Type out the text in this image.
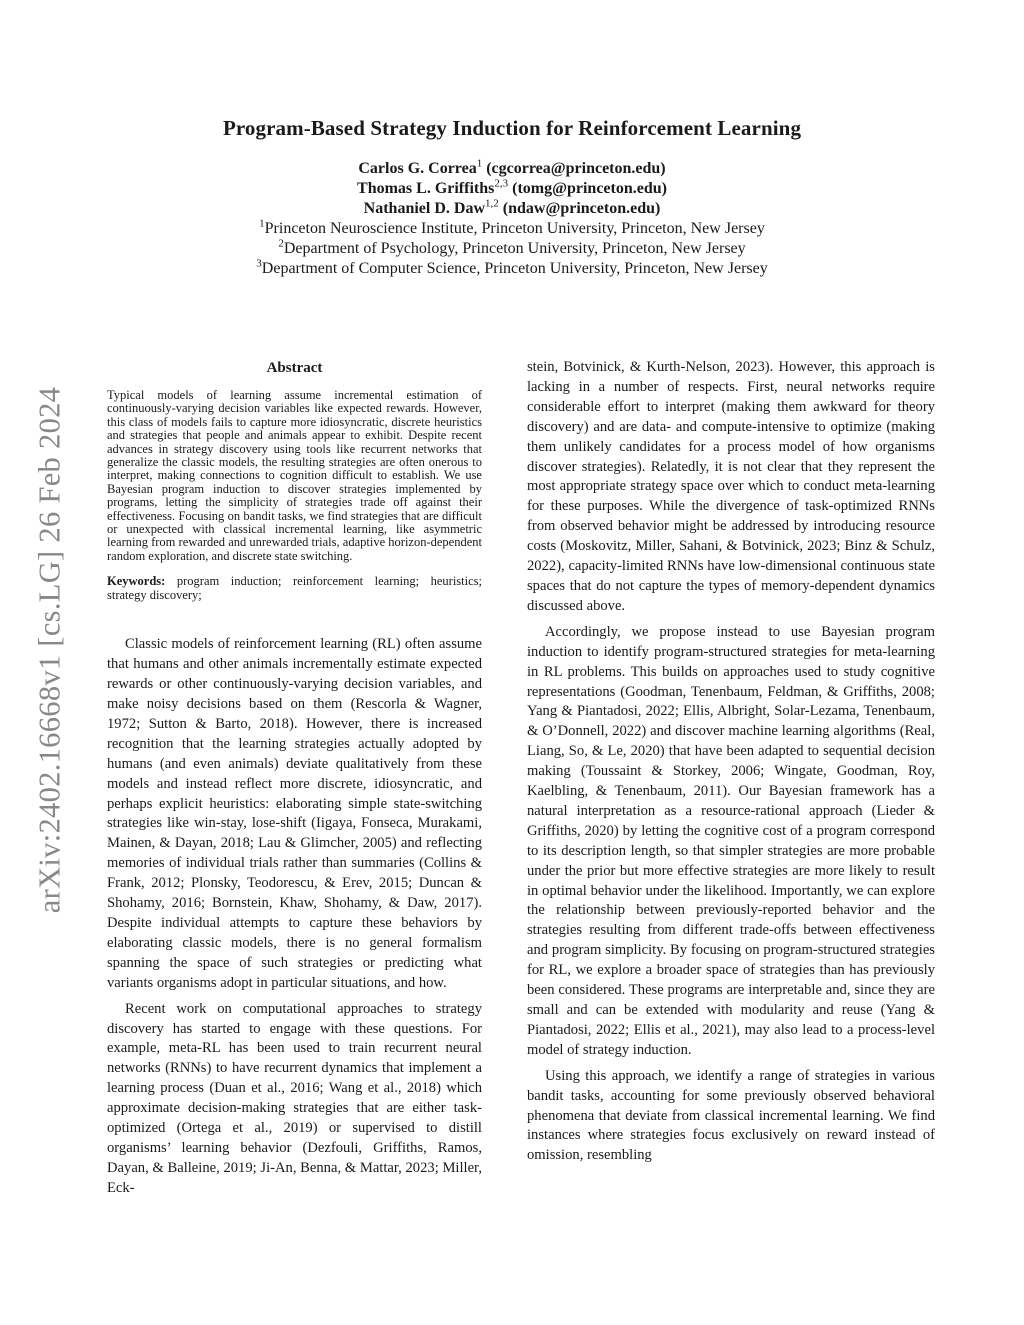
Program-Based Strategy Induction for Reinforcement Learning
Carlos G. Correa$^1$ (cgcorrea@princeton.edu)
Thomas L. Griffiths$^{2,3}$ (tomg@princeton.edu)
Nathaniel D. Daw$^{1,2}$ (ndaw@princeton.edu)
$^1$Princeton Neuroscience Institute, Princeton University, Princeton, New Jersey
$^2$Department of Psychology, Princeton University, Princeton, New Jersey
$^3$Department of Computer Science, Princeton University, Princeton, New Jersey
arXiv:2402.16668v1 [cs.LG] 26 Feb 2024
Abstract

Typical models of learning assume incremental estimation of continuously-varying decision variables like expected rewards. However, this class of models fails to capture more idiosyncratic, discrete heuristics and strategies that people and animals appear to exhibit. Despite recent advances in strategy discovery using tools like recurrent networks that generalize the classic models, the resulting strategies are often onerous to interpret, making connections to cognition difficult to establish. We use Bayesian program induction to discover strategies implemented by programs, letting the simplicity of strategies trade off against their effectiveness. Focusing on bandit tasks, we find strategies that are difficult or unexpected with classical incremental learning, like asymmetric learning from rewarded and unrewarded trials, adaptive horizon-dependent random exploration, and discrete state switching.

Keywords: program induction; reinforcement learning; heuristics; strategy discovery;

Classic models of reinforcement learning (RL) often assume that humans and other animals incrementally estimate expected rewards or other continuously-varying decision variables, and make noisy decisions based on them (Rescorla & Wagner, 1972; Sutton & Barto, 2018). However, there is increased recognition that the learning strategies actually adopted by humans (and even animals) deviate qualitatively from these models and instead reflect more discrete, idiosyncratic, and perhaps explicit heuristics: elaborating simple state-switching strategies like win-stay, lose-shift (Iigaya, Fonseca, Murakami, Mainen, & Dayan, 2018; Lau & Glimcher, 2005) and reflecting memories of individual trials rather than summaries (Collins & Frank, 2012; Plonsky, Teodorescu, & Erev, 2015; Duncan & Shohamy, 2016; Bornstein, Khaw, Shohamy, & Daw, 2017). Despite individual attempts to capture these behaviors by elaborating classic models, there is no general formalism spanning the space of such strategies or predicting what variants organisms adopt in particular situations, and how.

Recent work on computational approaches to strategy discovery has started to engage with these questions. For example, meta-RL has been used to train recurrent neural networks (RNNs) to have recurrent dynamics that implement a learning process (Duan et al., 2016; Wang et al., 2018) which approximate decision-making strategies that are either task-optimized (Ortega et al., 2019) or supervised to distill organisms’ learning behavior (Dezfouli, Griffiths, Ramos, Dayan, & Balleine, 2019; Ji-An, Benna, & Mattar, 2023; Miller, Eck-

stein, Botvinick, & Kurth-Nelson, 2023). However, this approach is lacking in a number of respects. First, neural networks require considerable effort to interpret (making them awkward for theory discovery) and are data- and compute-intensive to optimize (making them unlikely candidates for a process model of how organisms discover strategies). Relatedly, it is not clear that they represent the most appropriate strategy space over which to conduct meta-learning for these purposes. While the divergence of task-optimized RNNs from observed behavior might be addressed by introducing resource costs (Moskovitz, Miller, Sahani, & Botvinick, 2023; Binz & Schulz, 2022), capacity-limited RNNs have low-dimensional continuous state spaces that do not capture the types of memory-dependent dynamics discussed above.

Accordingly, we propose instead to use Bayesian program induction to identify program-structured strategies for meta-learning in RL problems. This builds on approaches used to study cognitive representations (Goodman, Tenenbaum, Feldman, & Griffiths, 2008; Yang & Piantadosi, 2022; Ellis, Albright, Solar-Lezama, Tenenbaum, & O’Donnell, 2022) and discover machine learning algorithms (Real, Liang, So, & Le, 2020) that have been adapted to sequential decision making (Toussaint & Storkey, 2006; Wingate, Goodman, Roy, Kaelbling, & Tenenbaum, 2011). Our Bayesian framework has a natural interpretation as a resource-rational approach (Lieder & Griffiths, 2020) by letting the cognitive cost of a program correspond to its description length, so that simpler strategies are more probable under the prior but more effective strategies are more likely to result in optimal behavior under the likelihood. Importantly, we can explore the relationship between previously-reported behavior and the strategies resulting from different trade-offs between effectiveness and program simplicity. By focusing on program-structured strategies for RL, we explore a broader space of strategies than has previously been considered. These programs are interpretable and, since they are small and can be extended with modularity and reuse (Yang & Piantadosi, 2022; Ellis et al., 2021), may also lead to a process-level model of strategy induction.

Using this approach, we identify a range of strategies in various bandit tasks, accounting for some previously observed behavioral phenomena that deviate from classical incremental learning. We find instances where strategies focus exclusively on reward instead of omission, resembling
